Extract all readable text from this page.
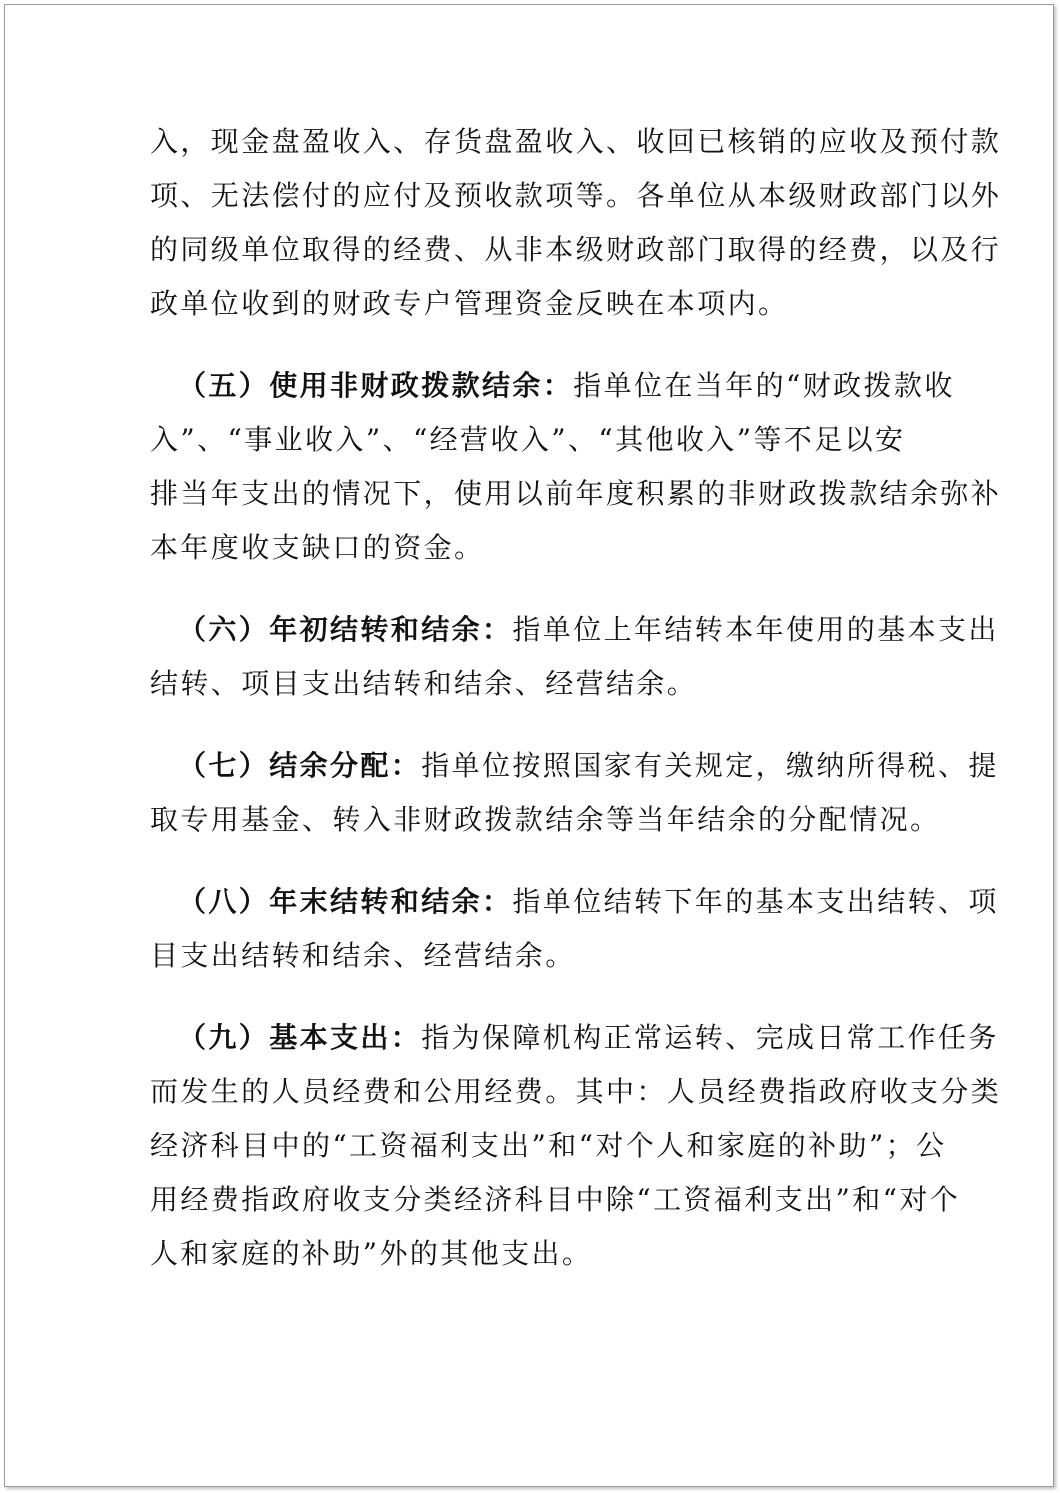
入，现金盘盈收入、存货盘盈收入、收回已核销的应收及预付款
项、无法偿付的应付及预收款项等。各单位从本级财政部门以外
的同级单位取得的经费、从非本级财政部门取得的经费，以及行
政单位收到的财政专户管理资金反映在本项内。
（五）使用非财政拨款结余：指单位在当年的“财政拨款收
入”、“事业收入”、“经营收入”、“其他收入”等不足以安
排当年支出的情况下，使用以前年度积累的非财政拨款结余弥补
本年度收支缺口的资金。
（六）年初结转和结余：指单位上年结转本年使用的基本支出
结转、项目支出结转和结余、经营结余。
（七）结余分配：指单位按照国家有关规定，缴纳所得税、提
取专用基金、转入非财政拨款结余等当年结余的分配情况。
（八）年末结转和结余：指单位结转下年的基本支出结转、项
目支出结转和结余、经营结余。
（九）基本支出：指为保障机构正常运转、完成日常工作任务
而发生的人员经费和公用经费。其中：人员经费指政府收支分类
经济科目中的“工资福利支出”和“对个人和家庭的补助”；公
用经费指政府收支分类经济科目中除“工资福利支出”和“对个
人和家庭的补助”外的其他支出。
